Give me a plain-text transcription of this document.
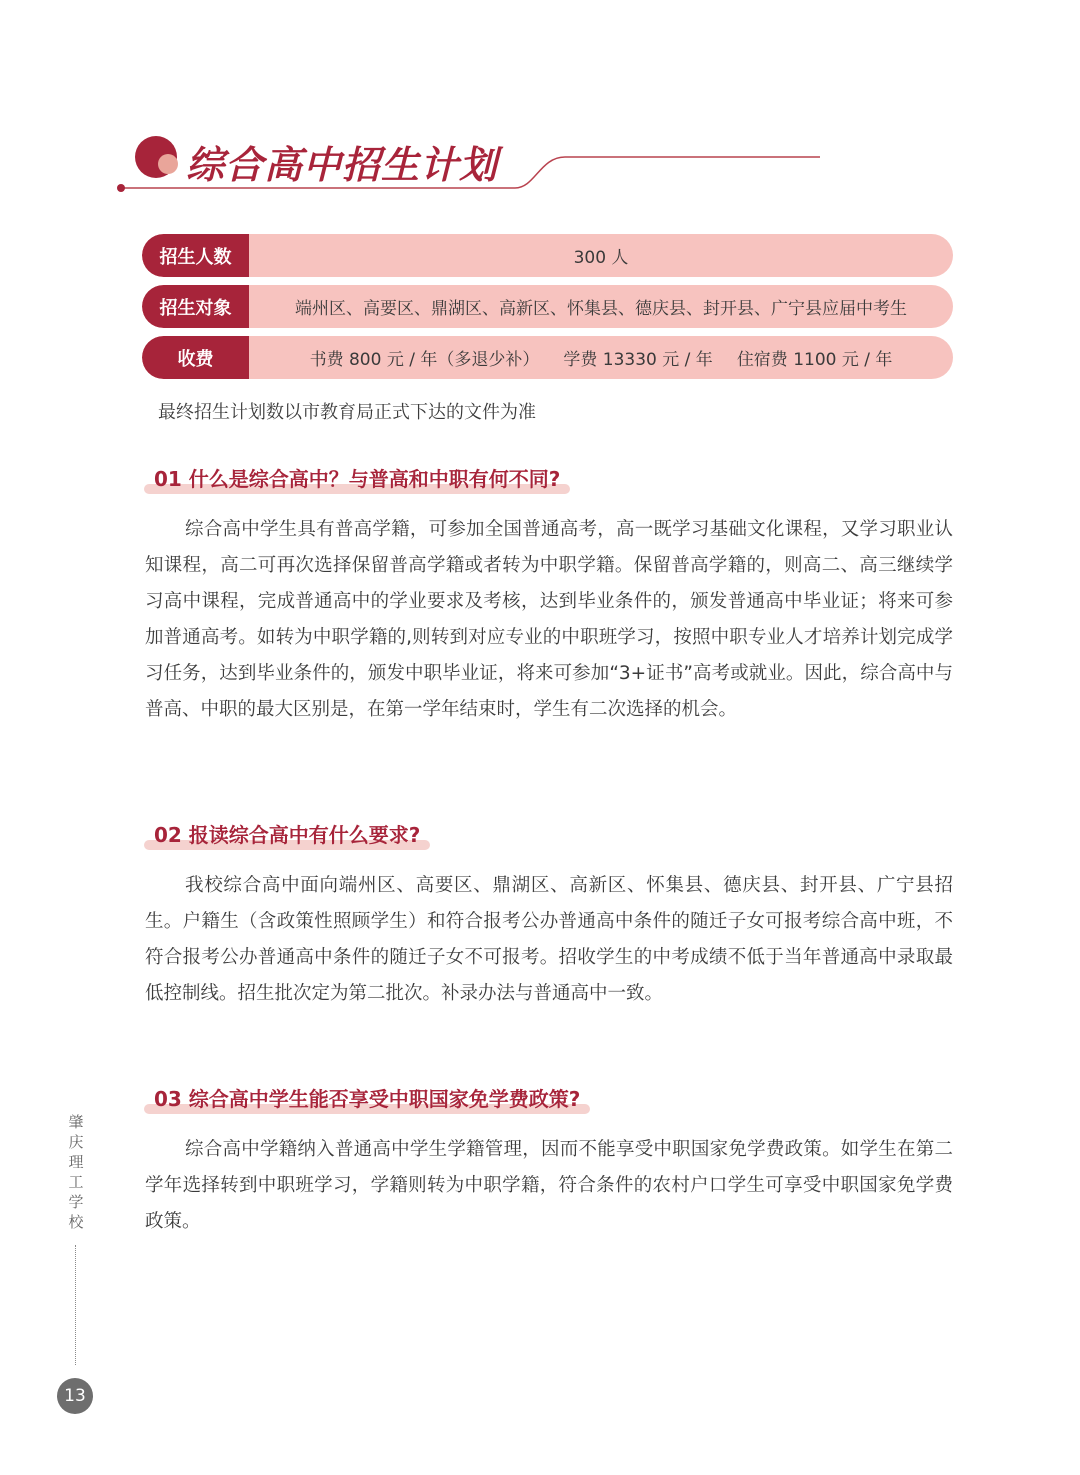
综合高中招生计划
招生人数	300 人
招生对象	端州区、高要区、鼎湖区、高新区、怀集县、德庆县、封开县、广宁县应届中考生
收费	书费 800 元 / 年（多退少补） 学费 13330 元 / 年 住宿费 1100 元 / 年
最终招生计划数以市教育局正式下达的文件为准
01 什么是综合高中？与普高和中职有何不同?

综合高中学生具有普高学籍，可参加全国普通高考，高一既学习基础文化课程，又学习职业认知课程，高二可再次选择保留普高学籍或者转为中职学籍。保留普高学籍的，则高二、高三继续学习高中课程，完成普通高中的学业要求及考核，达到毕业条件的，颁发普通高中毕业证；将来可参加普通高考。如转为中职学籍的,则转到对应专业的中职班学习，按照中职专业人才培养计划完成学习任务，达到毕业条件的，颁发中职毕业证，将来可参加“3+证书”高考或就业。因此，综合高中与普高、中职的最大区别是，在第一学年结束时，学生有二次选择的机会。

02 报读综合高中有什么要求?

我校综合高中面向端州区、高要区、鼎湖区、高新区、怀集县、德庆县、封开县、广宁县招生。户籍生（含政策性照顾学生）和符合报考公办普通高中条件的随迁子女可报考综合高中班，不符合报考公办普通高中条件的随迁子女不可报考。招收学生的中考成绩不低于当年普通高中录取最低控制线。招生批次定为第二批次。补录办法与普通高中一致。

03 综合高中学生能否享受中职国家免学费政策?

综合高中学籍纳入普通高中学生学籍管理，因而不能享受中职国家免学费政策。如学生在第二学年选择转到中职班学习，学籍则转为中职学籍，符合条件的农村户口学生可享受中职国家免学费政策。

肇庆理工学校
13
